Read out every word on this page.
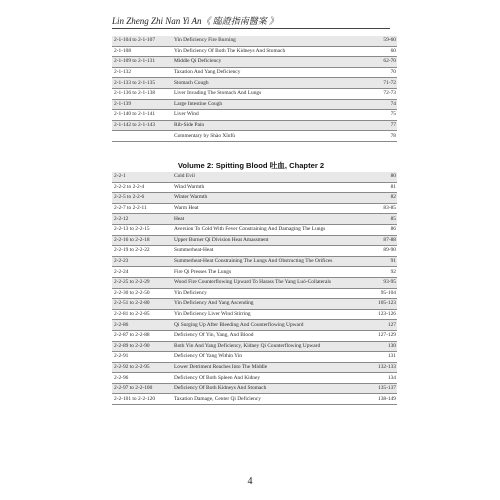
Lin Zheng Zhi Nan Yi An《 臨證指南醫案 》
2-1-104 to 2-1-107	Yin Deficiency Fire Burning	59-60
2-1-108	Yin Deficiency Of Both The Kidneys And Stomach	60
2-1-109 to 2-1-131	Middle Qi Deficiency	62-70
2-1-132	Taxation And Yang Deficiency	70
2-1-133 to 2-1-135	Stomach Cough	71-72
2-1-136 to 2-1-138	Liver Invading The Stomach And Lungs	72-73
2-1-139	Large Intestine Cough	74
2-1-140 to 2-1-141	Liver Wind	75
2-1-142 to 2-1-143	Rib-Side Pain	77
	Commentary by Shào Xīnfù	78
Volume 2: Spitting Blood 吐血, Chapter 2
2-2-1	Cold Evil	80
2-2-2 to 2-2-4	Wind Warmth	81
2-2-5 to 2-2-6	Winter Warmth	82
2-2-7 to 2-2-11	Warm Heat	83-85
2-2-12	Heat	85
2-2-13 to 2-2-15	Aversion To Cold With Fever Constraining And Damaging The Lungs	86
2-2-16 to 2-2-18	Upper Burner Qi Division Heat Amassment	87-88
2-2-19 to 2-2-22	Summerheat-Heat	89-90
2-2-23	Summerheat-Heat Constraining The Lungs And Obstructing The Orifices	91
2-2-24	Fire Qi Presses The Lungs	92
2-2-25 to 2-2-29	Wood Fire Counterflowing Upward To Harass The Yang Luò-Collaterals	93-95
2-2-30 to 2-2-50	Yin Deficiency	95-104
2-2-51 to 2-2-80	Yin Deficiency And Yang Ascending	105-123
2-2-81 to 2-2-85	Yin Deficiency Liver Wind Stirring	123-126
2-2-86	Qi Surging Up After Bleeding And Counterflowing Upward	127
2-2-87 to 2-2-88	Deficiency Of Yin, Yang, And Blood	127-129
2-2-89 to 2-2-90	Both Yin And Yang Deficiency, Kidney Qi Counterflowing Upward	130
2-2-91	Deficiency Of Yang Within Yin	131
2-2-92 to 2-2-95	Lower Detriment Reaches Into The Middle	132-133
2-2-96	Deficiency Of Both Spleen And Kidney	134
2-2-97 to 2-2-100	Deficiency Of Both Kidneys And Stomach	135-137
2-2-101 to 2-2-120	Taxation Damage, Center Qi Deficiency	138-149
4
